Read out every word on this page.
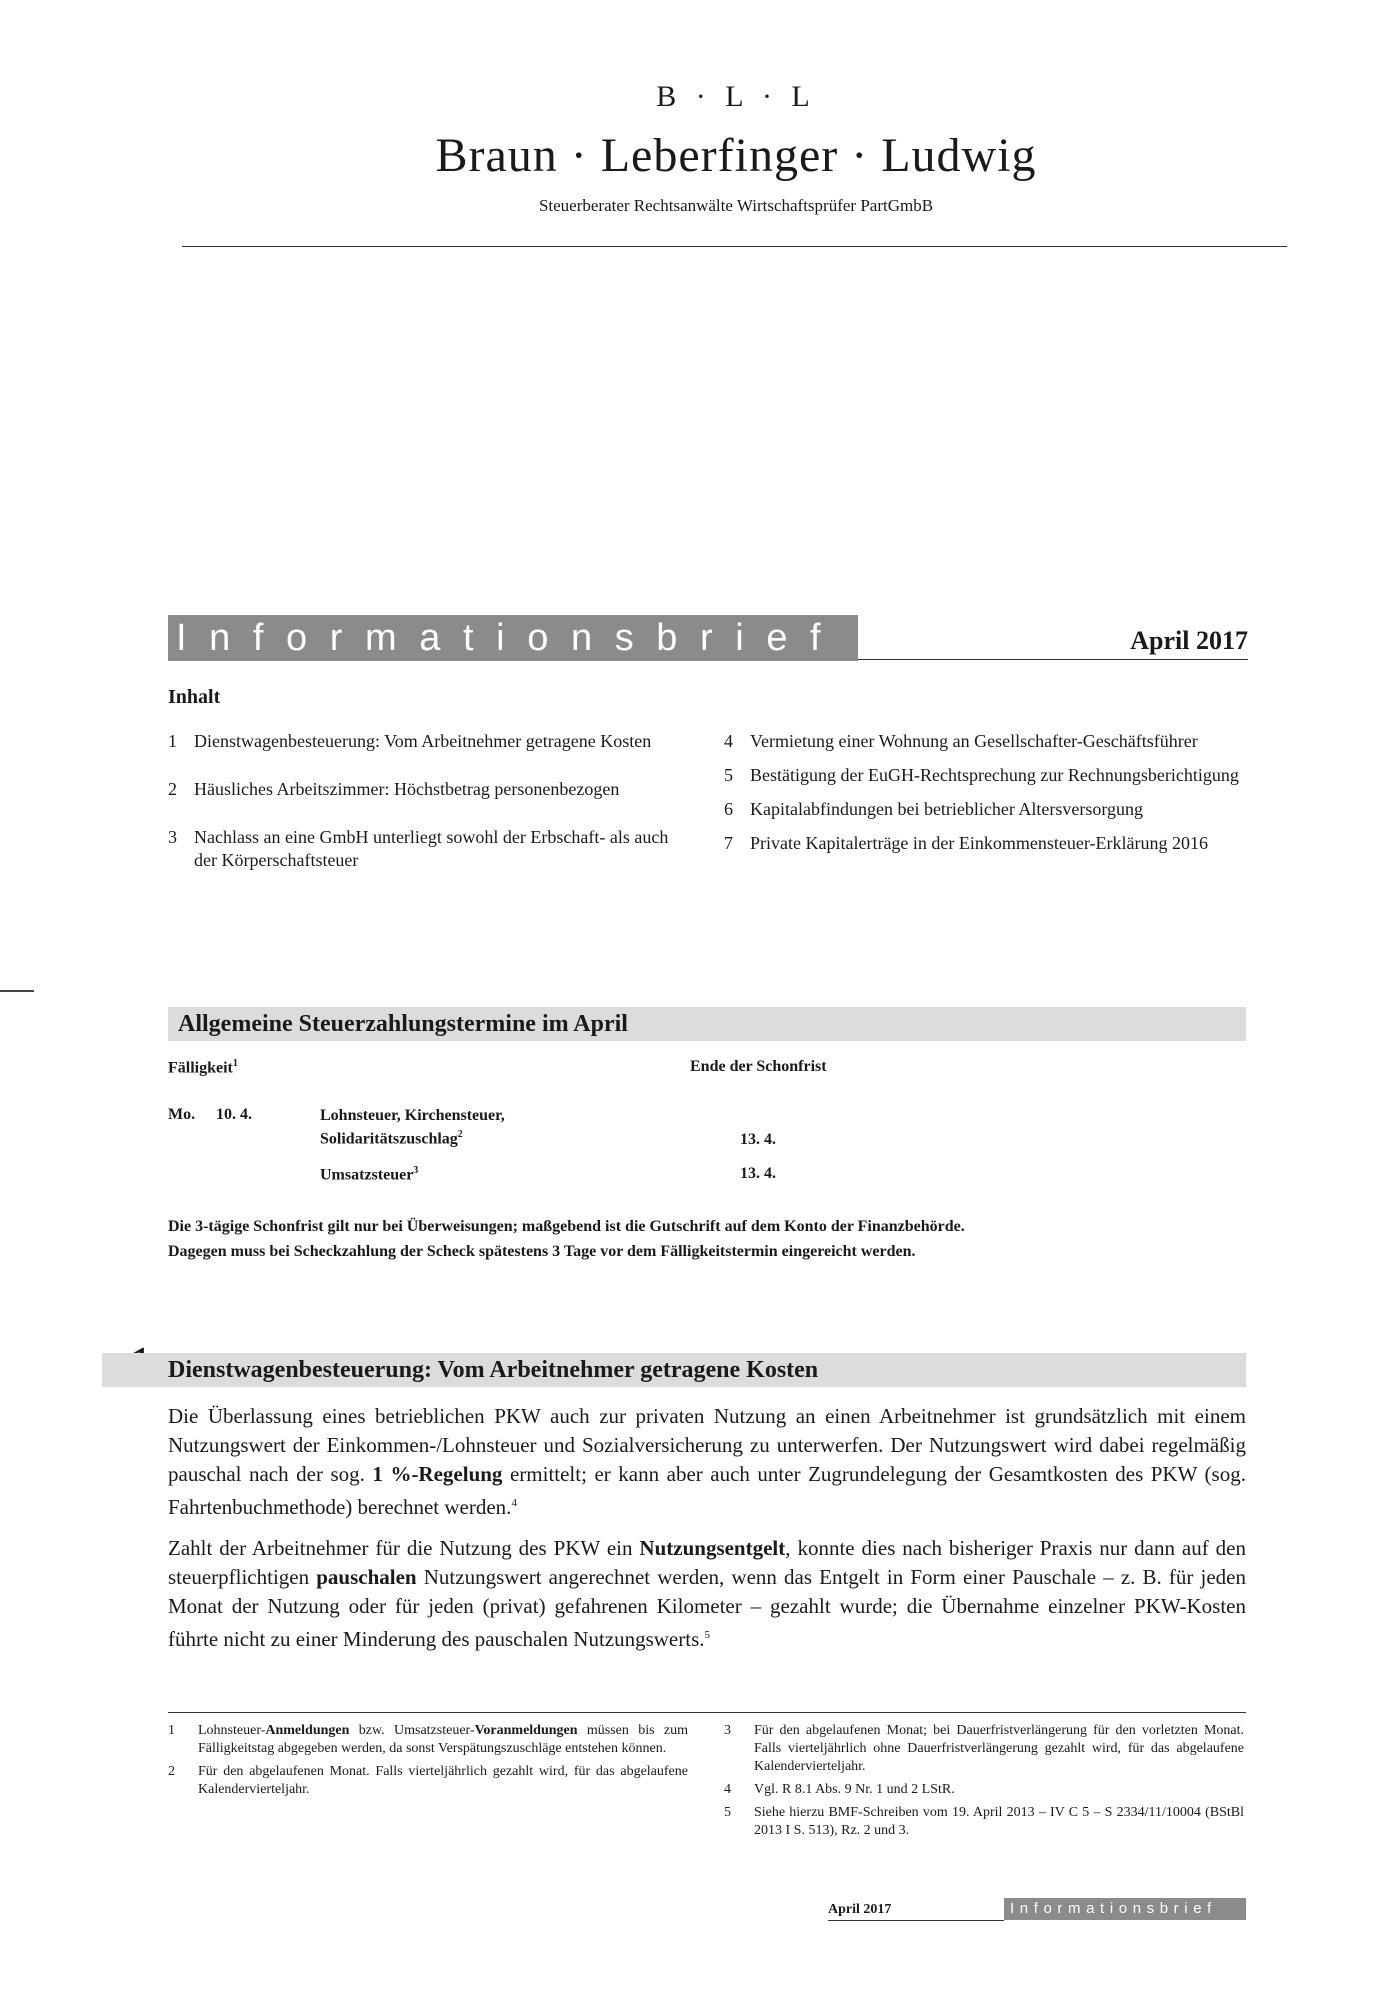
B · L · L
Braun · Leberfinger · Ludwig
Steuerberater Rechtsanwälte Wirtschaftsprüfer PartGmbB
Informationsbrief	April 2017
Inhalt
1 Dienstwagenbesteuerung: Vom Arbeitnehmer getragene Kosten
2 Häusliches Arbeitszimmer: Höchstbetrag personenbezogen
3 Nachlass an eine GmbH unterliegt sowohl der Erbschaft- als auch der Körperschaftsteuer
4 Vermietung einer Wohnung an Gesellschafter-Geschäftsführer
5 Bestätigung der EuGH-Rechtsprechung zur Rechnungsberichtigung
6 Kapitalabfindungen bei betrieblicher Altersversorgung
7 Private Kapitalerträge in der Einkommensteuer-Erklärung 2016
Allgemeine Steuerzahlungstermine im April
Fälligkeit$^1$	Ende der Schonfrist
Mo. 10. 4.	Lohnsteuer, Kirchensteuer,
Solidaritätszuschlag$^2$	13. 4.
Umsatzsteuer$^3$	13. 4.
Die 3-tägige Schonfrist gilt nur bei Überweisungen; maßgebend ist die Gutschrift auf dem Konto der Finanzbehörde.
Dagegen muss bei Scheckzahlung der Scheck spätestens 3 Tage vor dem Fälligkeitstermin eingereicht werden.
Dienstwagenbesteuerung: Vom Arbeitnehmer getragene Kosten

Die Überlassung eines betrieblichen PKW auch zur privaten Nutzung an einen Arbeitnehmer ist grundsätzlich mit einem Nutzungswert der Einkommen-/Lohnsteuer und Sozialversicherung zu unterwerfen. Der Nutzungswert wird dabei regelmäßig pauschal nach der sog. 1 %-Regelung ermittelt; er kann aber auch unter Zugrundelegung der Gesamtkosten des PKW (sog. Fahrtenbuchmethode) berechnet werden.$^4$

Zahlt der Arbeitnehmer für die Nutzung des PKW ein Nutzungsentgelt, konnte dies nach bisheriger Praxis nur dann auf den steuerpflichtigen pauschalen Nutzungswert angerechnet werden, wenn das Entgelt in Form einer Pauschale – z. B. für jeden Monat der Nutzung oder für jeden (privat) gefahrenen Kilometer – gezahlt wurde; die Übernahme einzelner PKW-Kosten führte nicht zu einer Minderung des pauschalen Nutzungswerts.$^5$

1	Lohnsteuer-Anmeldungen bzw. Umsatzsteuer-Voranmeldungen müssen bis zum Fälligkeitstag abgegeben werden, da sonst Verspätungszuschläge entstehen können.
2	Für den abgelaufenen Monat. Falls vierteljährlich gezahlt wird, für das abgelaufene Kalendervierteljahr.
3	Für den abgelaufenen Monat; bei Dauerfristverlängerung für den vorletzten Monat. Falls vierteljährlich ohne Dauerfristverlängerung gezahlt wird, für das abgelaufene Kalendervierteljahr.
4	Vgl. R 8.1 Abs. 9 Nr. 1 und 2 LStR.
5	Siehe hierzu BMF-Schreiben vom 19. April 2013 – IV C 5 – S 2334/11/10004 (BStBl 2013 I S. 513), Rz. 2 und 3.
April 2017	Informationsbrief
